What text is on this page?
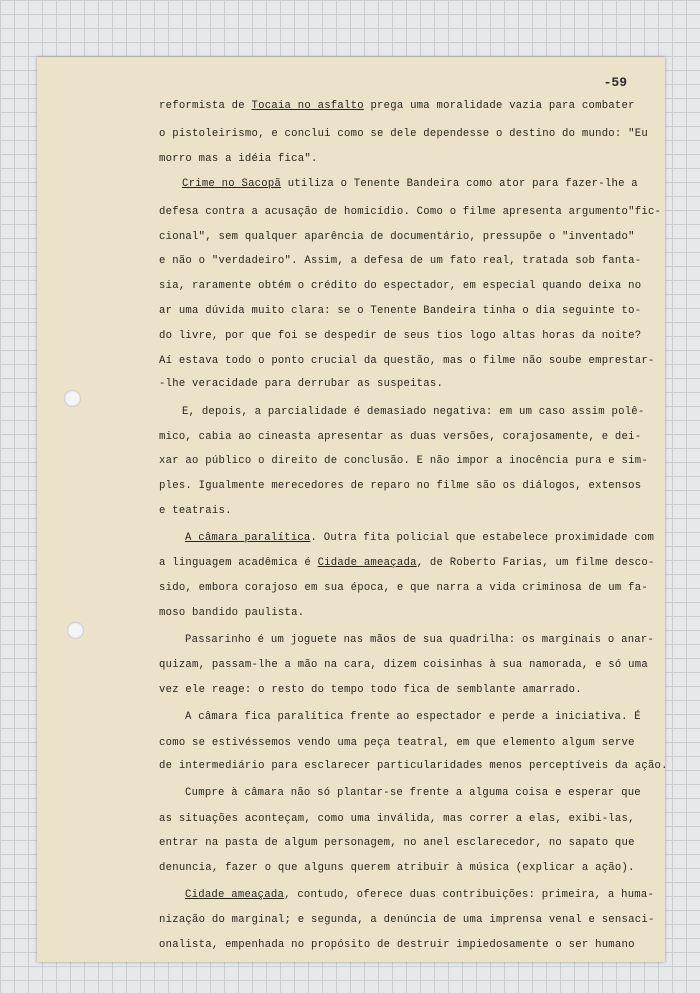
-59
reformista de Tocaia no asfalto prega uma moralidade vazia para combater
o pistoleirismo, e conclui como se dele dependesse o destino do mundo: "Eu
morro mas a idéia fica".
Crime no Sacopã utiliza o Tenente Bandeira como ator para fazer-lhe a
defesa contra a acusação de homicídio. Como o filme apresenta argumento"fic-
cional", sem qualquer aparência de documentário, pressupõe o "inventado"
e não o "verdadeiro". Assim, a defesa de um fato real, tratada sob fanta-
sia, raramente obtém o crédito do espectador, em especial quando deixa no
ar uma dúvida muito clara: se o Tenente Bandeira tinha o dia seguinte to-
do livre, por que foi se despedir de seus tios logo altas horas da noite?
Aí estava todo o ponto crucial da questão, mas o filme não soube emprestar-
-lhe veracidade para derrubar as suspeitas.
E, depois, a parcialidade é demasiado negativa: em um caso assim polê-
mico, cabia ao cineasta apresentar as duas versões, corajosamente, e dei-
xar ao público o direito de conclusão. E não impor a inocência pura e sim-
ples. Igualmente merecedores de reparo no filme são os diálogos, extensos
e teatrais.
A câmara paralítica. Outra fita policial que estabelece proximidade com
a linguagem acadêmica é Cidade ameaçada, de Roberto Farias, um filme desco-
sido, embora corajoso em sua época, e que narra a vida criminosa de um fa-
moso bandido paulista.
Passarinho é um joguete nas mãos de sua quadrilha: os marginais o anar-
quizam, passam-lhe a mão na cara, dizem coisinhas à sua namorada, e só uma
vez ele reage: o resto do tempo todo fica de semblante amarrado.
A câmara fica paralítica frente ao espectador e perde a iniciativa. É
como se estivéssemos vendo uma peça teatral, em que elemento algum serve
de intermediário para esclarecer particularidades menos perceptíveis da ação.
Cumpre à câmara não só plantar-se frente a alguma coisa e esperar que
as situações aconteçam, como uma inválida, mas correr a elas, exibi-las,
entrar na pasta de algum personagem, no anel esclarecedor, no sapato que
denuncia, fazer o que alguns querem atribuir à música (explicar a ação).
Cidade ameaçada, contudo, oferece duas contribuições: primeira, a huma-
nização do marginal; e segunda, a denúncia de uma imprensa venal e sensaci-
onalista, empenhada no propósito de destruir impiedosamente o ser humano
